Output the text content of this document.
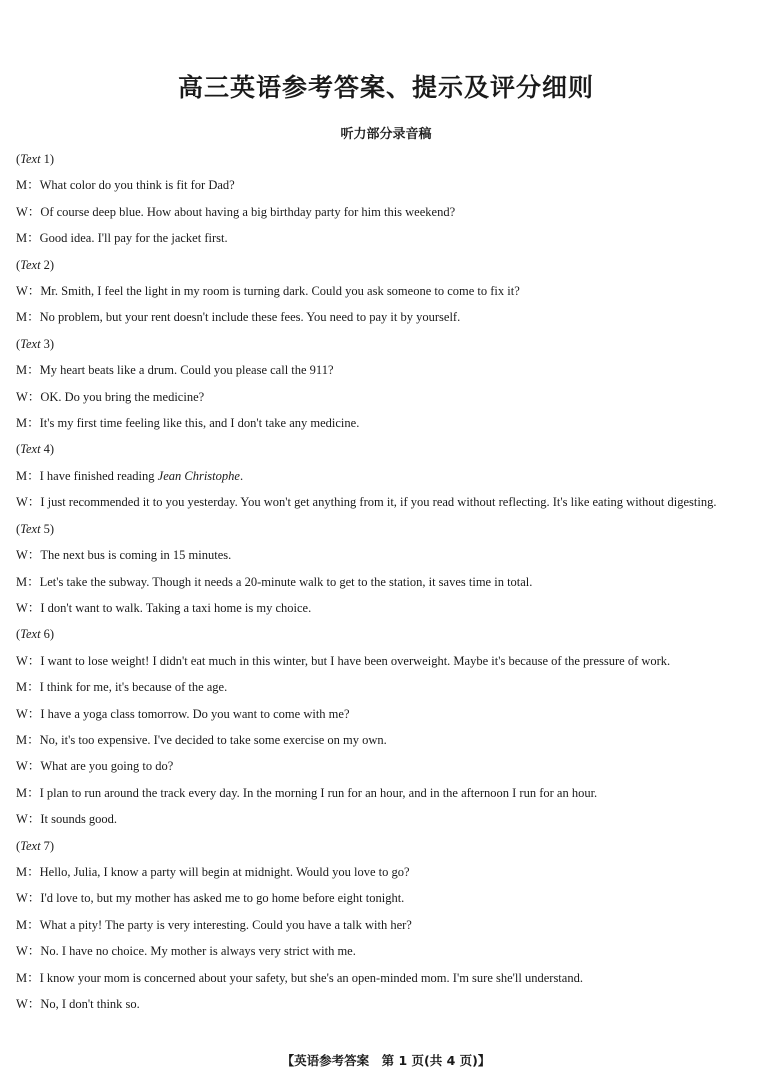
高三英语参考答案、提示及评分细则
听力部分录音稿
(Text 1)
M：What color do you think is fit for Dad?
W：Of course deep blue. How about having a big birthday party for him this weekend?
M：Good idea. I'll pay for the jacket first.
(Text 2)
W：Mr. Smith, I feel the light in my room is turning dark. Could you ask someone to come to fix it?
M：No problem, but your rent doesn't include these fees. You need to pay it by yourself.
(Text 3)
M：My heart beats like a drum. Could you please call the 911?
W：OK. Do you bring the medicine?
M：It's my first time feeling like this, and I don't take any medicine.
(Text 4)
M：I have finished reading Jean Christophe.
W：I just recommended it to you yesterday. You won't get anything from it, if you read without reflecting. It's like eating without digesting.
(Text 5)
W：The next bus is coming in 15 minutes.
M：Let's take the subway. Though it needs a 20-minute walk to get to the station, it saves time in total.
W：I don't want to walk. Taking a taxi home is my choice.
(Text 6)
W：I want to lose weight! I didn't eat much in this winter, but I have been overweight. Maybe it's because of the pressure of work.
M：I think for me, it's because of the age.
W：I have a yoga class tomorrow. Do you want to come with me?
M：No, it's too expensive. I've decided to take some exercise on my own.
W：What are you going to do?
M：I plan to run around the track every day. In the morning I run for an hour, and in the afternoon I run for an hour.
W：It sounds good.
(Text 7)
M：Hello, Julia, I know a party will begin at midnight. Would you love to go?
W：I'd love to, but my mother has asked me to go home before eight tonight.
M：What a pity! The party is very interesting. Could you have a talk with her?
W：No. I have no choice. My mother is always very strict with me.
M：I know your mom is concerned about your safety, but she's an open-minded mom. I'm sure she'll understand.
W：No, I don't think so.
【英语参考答案　第 1 页(共 4 页)】
